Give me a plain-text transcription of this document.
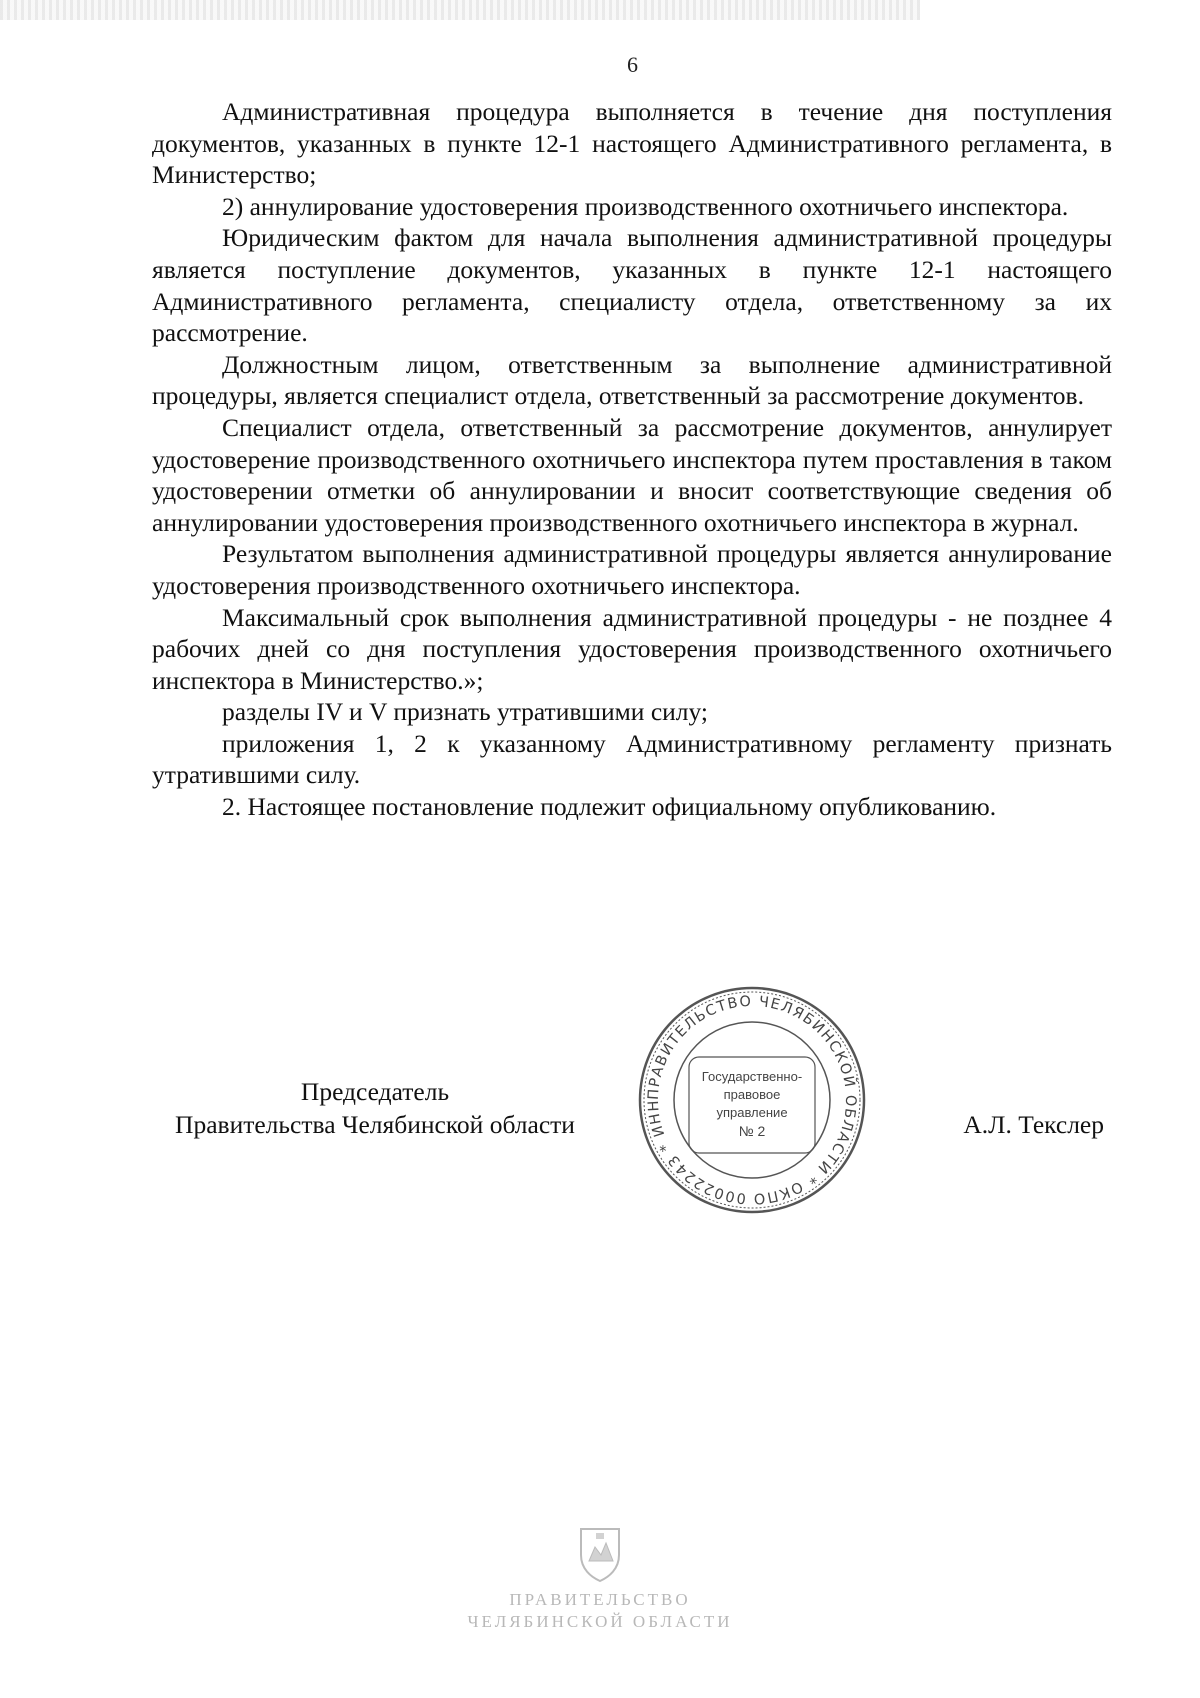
6

Административная процедура выполняется в течение дня поступления документов, указанных в пункте 12-1 настоящего Административного регламента, в Министерство;

2) аннулирование удостоверения производственного охотничьего инспектора.

Юридическим фактом для начала выполнения административной процедуры является поступление документов, указанных в пункте 12-1 настоящего Административного регламента, специалисту отдела, ответственному за их рассмотрение.

Должностным лицом, ответственным за выполнение административной процедуры, является специалист отдела, ответственный за рассмотрение документов.

Специалист отдела, ответственный за рассмотрение документов, аннулирует удостоверение производственного охотничьего инспектора путем проставления в таком удостоверении отметки об аннулировании и вносит соответствующие сведения об аннулировании удостоверения производственного охотничьего инспектора в журнал.

Результатом выполнения административной процедуры является аннулирование удостоверения производственного охотничьего инспектора.

Максимальный срок выполнения административной процедуры - не позднее 4 рабочих дней со дня поступления удостоверения производственного охотничьего инспектора в Министерство.»;

разделы IV и V признать утратившими силу;

приложения 1, 2 к указанному Административному регламенту признать утратившими силу.

2. Настоящее постановление подлежит официальному опубликованию.

Председатель
Правительства Челябинской области	А.Л. Текслер
ПРАВИТЕЛЬСТВО ЧЕЛЯБИНСКОЙ ОБЛАСТИ * ОКПО 00022243 * ИНН
Государственно-
правовое
управление
№ 2
ПРАВИТЕЛЬСТВО
ЧЕЛЯБИНСКОЙ ОБЛАСТИ
